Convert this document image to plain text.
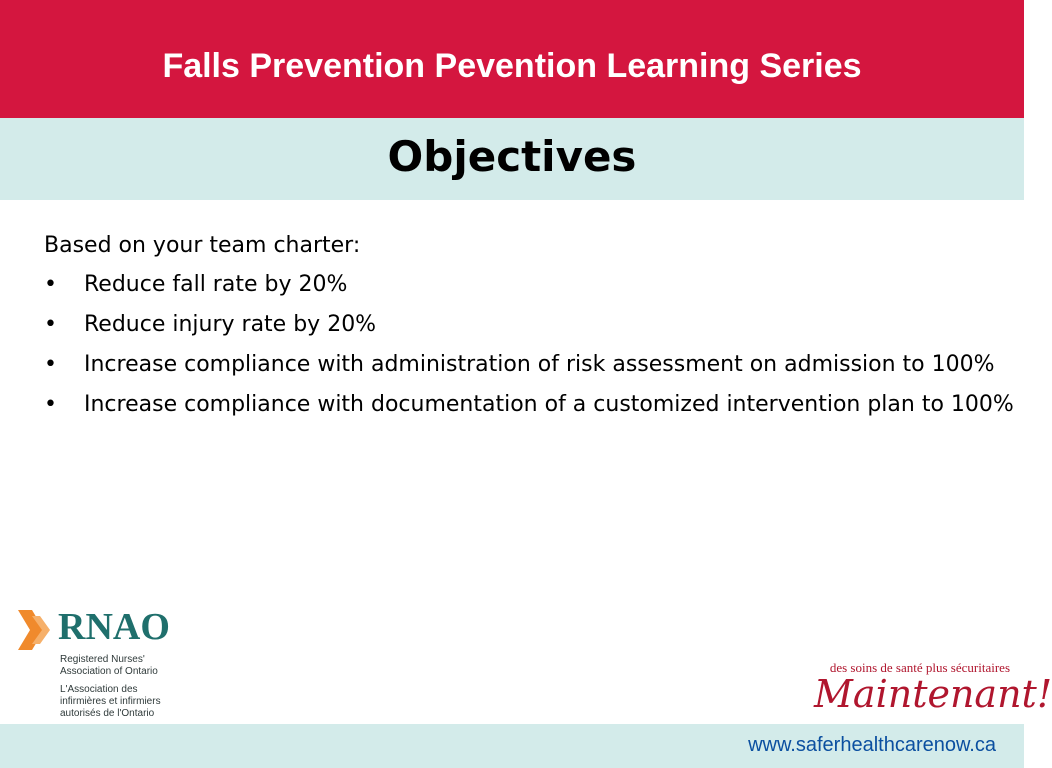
Falls Prevention Pevention Learning Series
Objectives
Based on your team charter:
• Reduce fall rate by 20%
• Reduce injury rate by 20%
• Increase compliance with administration of risk assessment on admission to 100%
• Increase compliance with documentation of a customized intervention plan to 100%
RNAO
Registered Nurses'
Association of Ontario
L'Association des
infirmières et infirmiers
autorisés de l'Ontario
des soins de santé plus sécuritaires
Maintenant!
www.saferhealthcarenow.ca
